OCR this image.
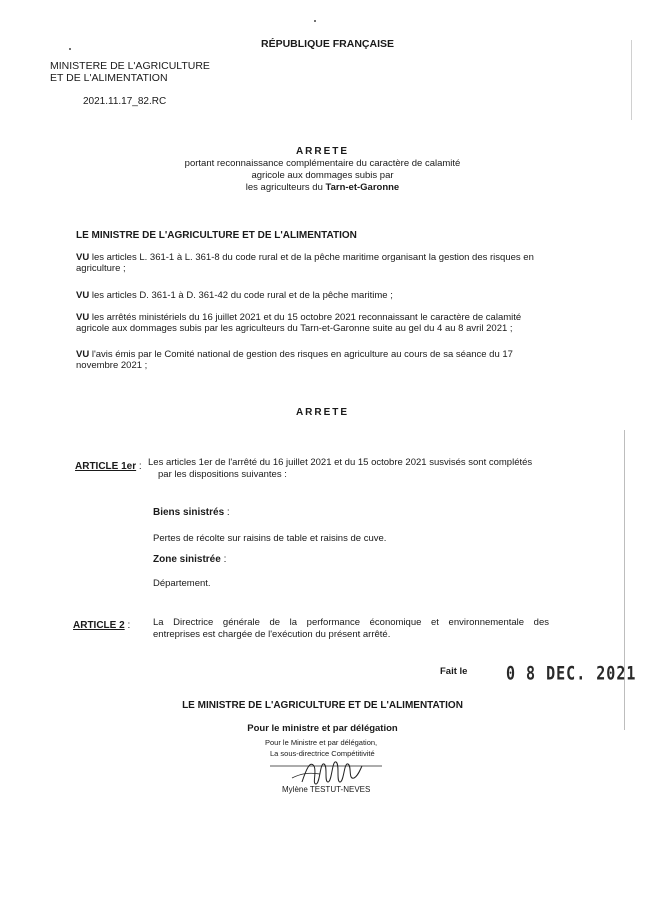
RÉPUBLIQUE FRANÇAISE
MINISTERE DE L'AGRICULTURE
ET DE L'ALIMENTATION
2021.11.17_82.RC
ARRETE
portant reconnaissance complémentaire du caractère de calamité
agricole aux dommages subis par
les agriculteurs du Tarn-et-Garonne
LE MINISTRE DE L'AGRICULTURE ET DE L'ALIMENTATION
VU les articles L. 361-1 à L. 361-8 du code rural et de la pêche maritime organisant la gestion des risques en agriculture ;
VU les articles D. 361-1 à D. 361-42 du code rural et de la pêche maritime ;
VU les arrêtés ministériels du 16 juillet 2021 et du 15 octobre 2021 reconnaissant le caractère de calamité agricole aux dommages subis par les agriculteurs du Tarn-et-Garonne suite au gel du 4 au 8 avril 2021 ;
VU l'avis émis par le Comité national de gestion des risques en agriculture au cours de sa séance du 17 novembre 2021 ;
ARRETE
ARTICLE 1er : Les articles 1er de l'arrêté du 16 juillet 2021 et du 15 octobre 2021 susvisés sont complétés
par les dispositions suivantes :
Biens sinistrés :
Pertes de récolte sur raisins de table et raisins de cuve.
Zone sinistrée :
Département.
ARTICLE 2 : La Directrice générale de la performance économique et environnementale des
entreprises est chargée de l'exécution du présent arrêté.
Fait le	0 8 DEC. 2021
LE MINISTRE DE L'AGRICULTURE ET DE L'ALIMENTATION
Pour le ministre et par délégation
Pour le Ministre et par délégation,
La sous-directrice Compétitivité
Mylène TESTUT-NEVES
